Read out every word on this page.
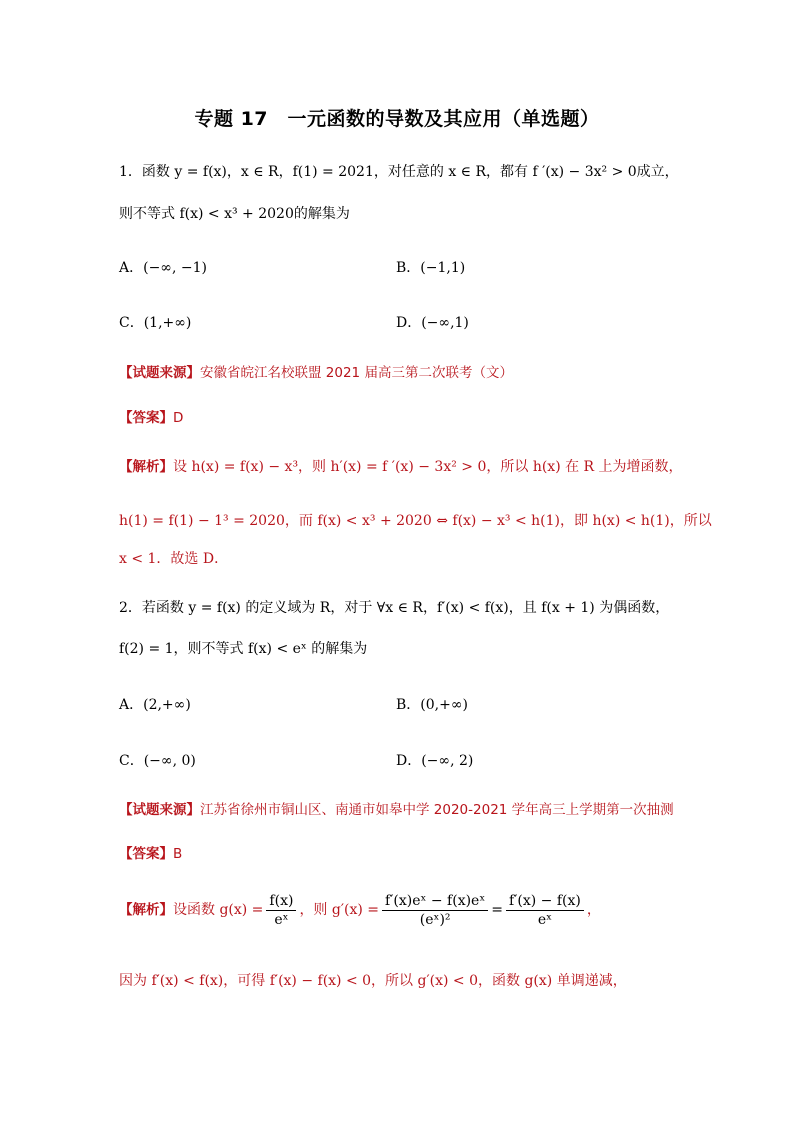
专题 17　一元函数的导数及其应用（单选题）
1．函数 y = f(x)，x ∈ R，f(1) = 2021，对任意的 x ∈ R，都有 f ′(x) − 3x² > 0成立，
则不等式 f(x) < x³ + 2020的解集为
A．(−∞, −1)	B．(−1,1)
C．(1,+∞)	D．(−∞,1)
【试题来源】安徽省皖江名校联盟 2021 届高三第二次联考（文）
【答案】D
【解析】设 h(x) = f(x) − x³，则 h′(x) = f ′(x) − 3x² > 0，所以 h(x) 在 R 上为增函数，
h(1) = f(1) − 1³ = 2020，而 f(x) < x³ + 2020 ⇔ f(x) − x³ < h(1)，即 h(x) < h(1)，所以
x < 1．故选 D．
2．若函数 y = f(x) 的定义域为 R，对于 ∀x ∈ R，f′(x) < f(x)，且 f(x + 1) 为偶函数，
f(2) = 1，则不等式 f(x) < eˣ 的解集为
A．(2,+∞)	B．(0,+∞)
C．(−∞, 0)	D．(−∞, 2)
【试题来源】江苏省徐州市铜山区、南通市如皋中学 2020-2021 学年高三上学期第一次抽测
【答案】B
【解析】设函数 $g(x) = \frac{f(x)}{\text{eˣ}}$ ，则 $g'(x) = \frac{\text{f′(x)eˣ − f(x)eˣ}}{\text{(eˣ)²}} = \frac{f'(x) - f(x)}{\text{eˣ}}$ ，
因为 f′(x) < f(x)，可得 f′(x) − f(x) < 0，所以 g′(x) < 0，函数 g(x) 单调递减，
